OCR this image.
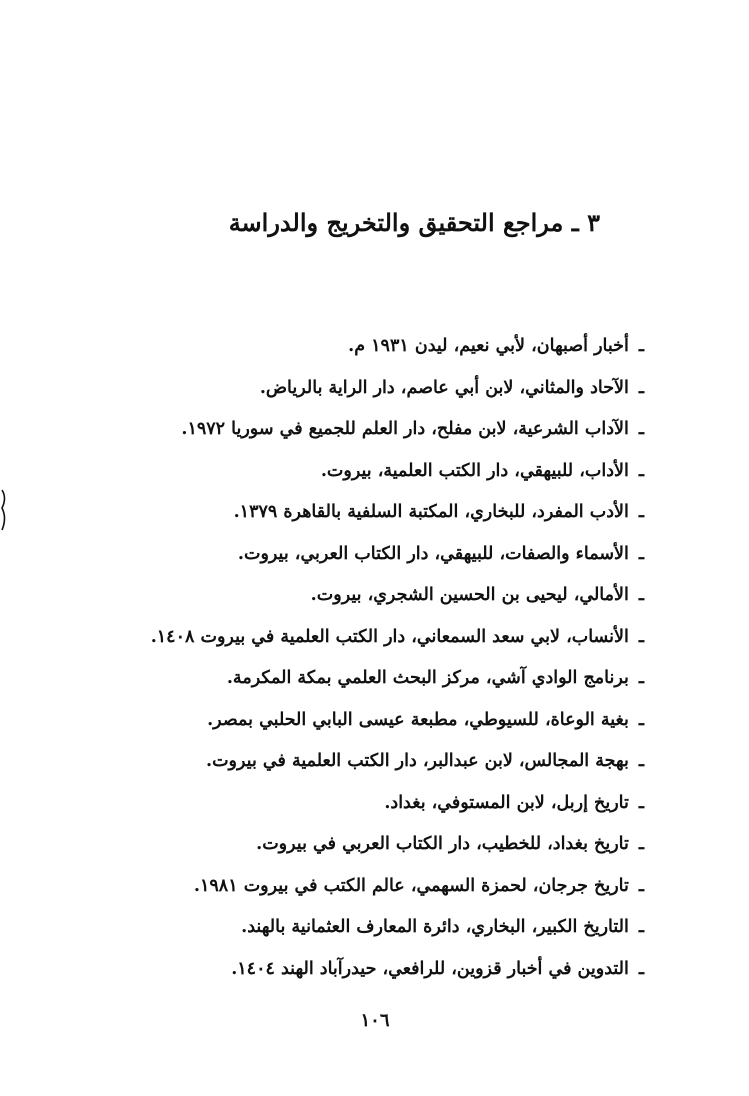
٣ ـ مراجع التحقيق والتخريج والدراسة
ـأخبار أصبهان، لأبي نعيم، ليدن ١٩٣١ م.
ـالآحاد والمثاني، لابن أبي عاصم، دار الراية بالرياض.
ـالآداب الشرعية، لابن مفلح، دار العلم للجميع في سوريا ١٩٧٢.
ـالأداب، للبيهقي، دار الكتب العلمية، بيروت.
ـالأدب المفرد، للبخاري، المكتبة السلفية بالقاهرة ١٣٧٩.
ـالأسماء والصفات، للبيهقي، دار الكتاب العربي، بيروت.
ـالأمالي، ليحيى بن الحسين الشجري، بيروت.
ـالأنساب، لابي سعد السمعاني، دار الكتب العلمية في بيروت ١٤٠٨.
ـبرنامج الوادي آشي، مركز البحث العلمي بمكة المكرمة.
ـبغية الوعاة، للسيوطي، مطبعة عيسى البابي الحلبي بمصر.
ـبهجة المجالس، لابن عبدالبر، دار الكتب العلمية في بيروت.
ـتاريخ إربل، لابن المستوفي، بغداد.
ـتاريخ بغداد، للخطيب، دار الكتاب العربي في بيروت.
ـتاريخ جرجان، لحمزة السهمي، عالم الكتب في بيروت ١٩٨١.
ـالتاريخ الكبير، البخاري، دائرة المعارف العثمانية بالهند.
ـالتدوين في أخبار قزوين، للرافعي، حيدرآباد الهند ١٤٠٤.
١٠٦
